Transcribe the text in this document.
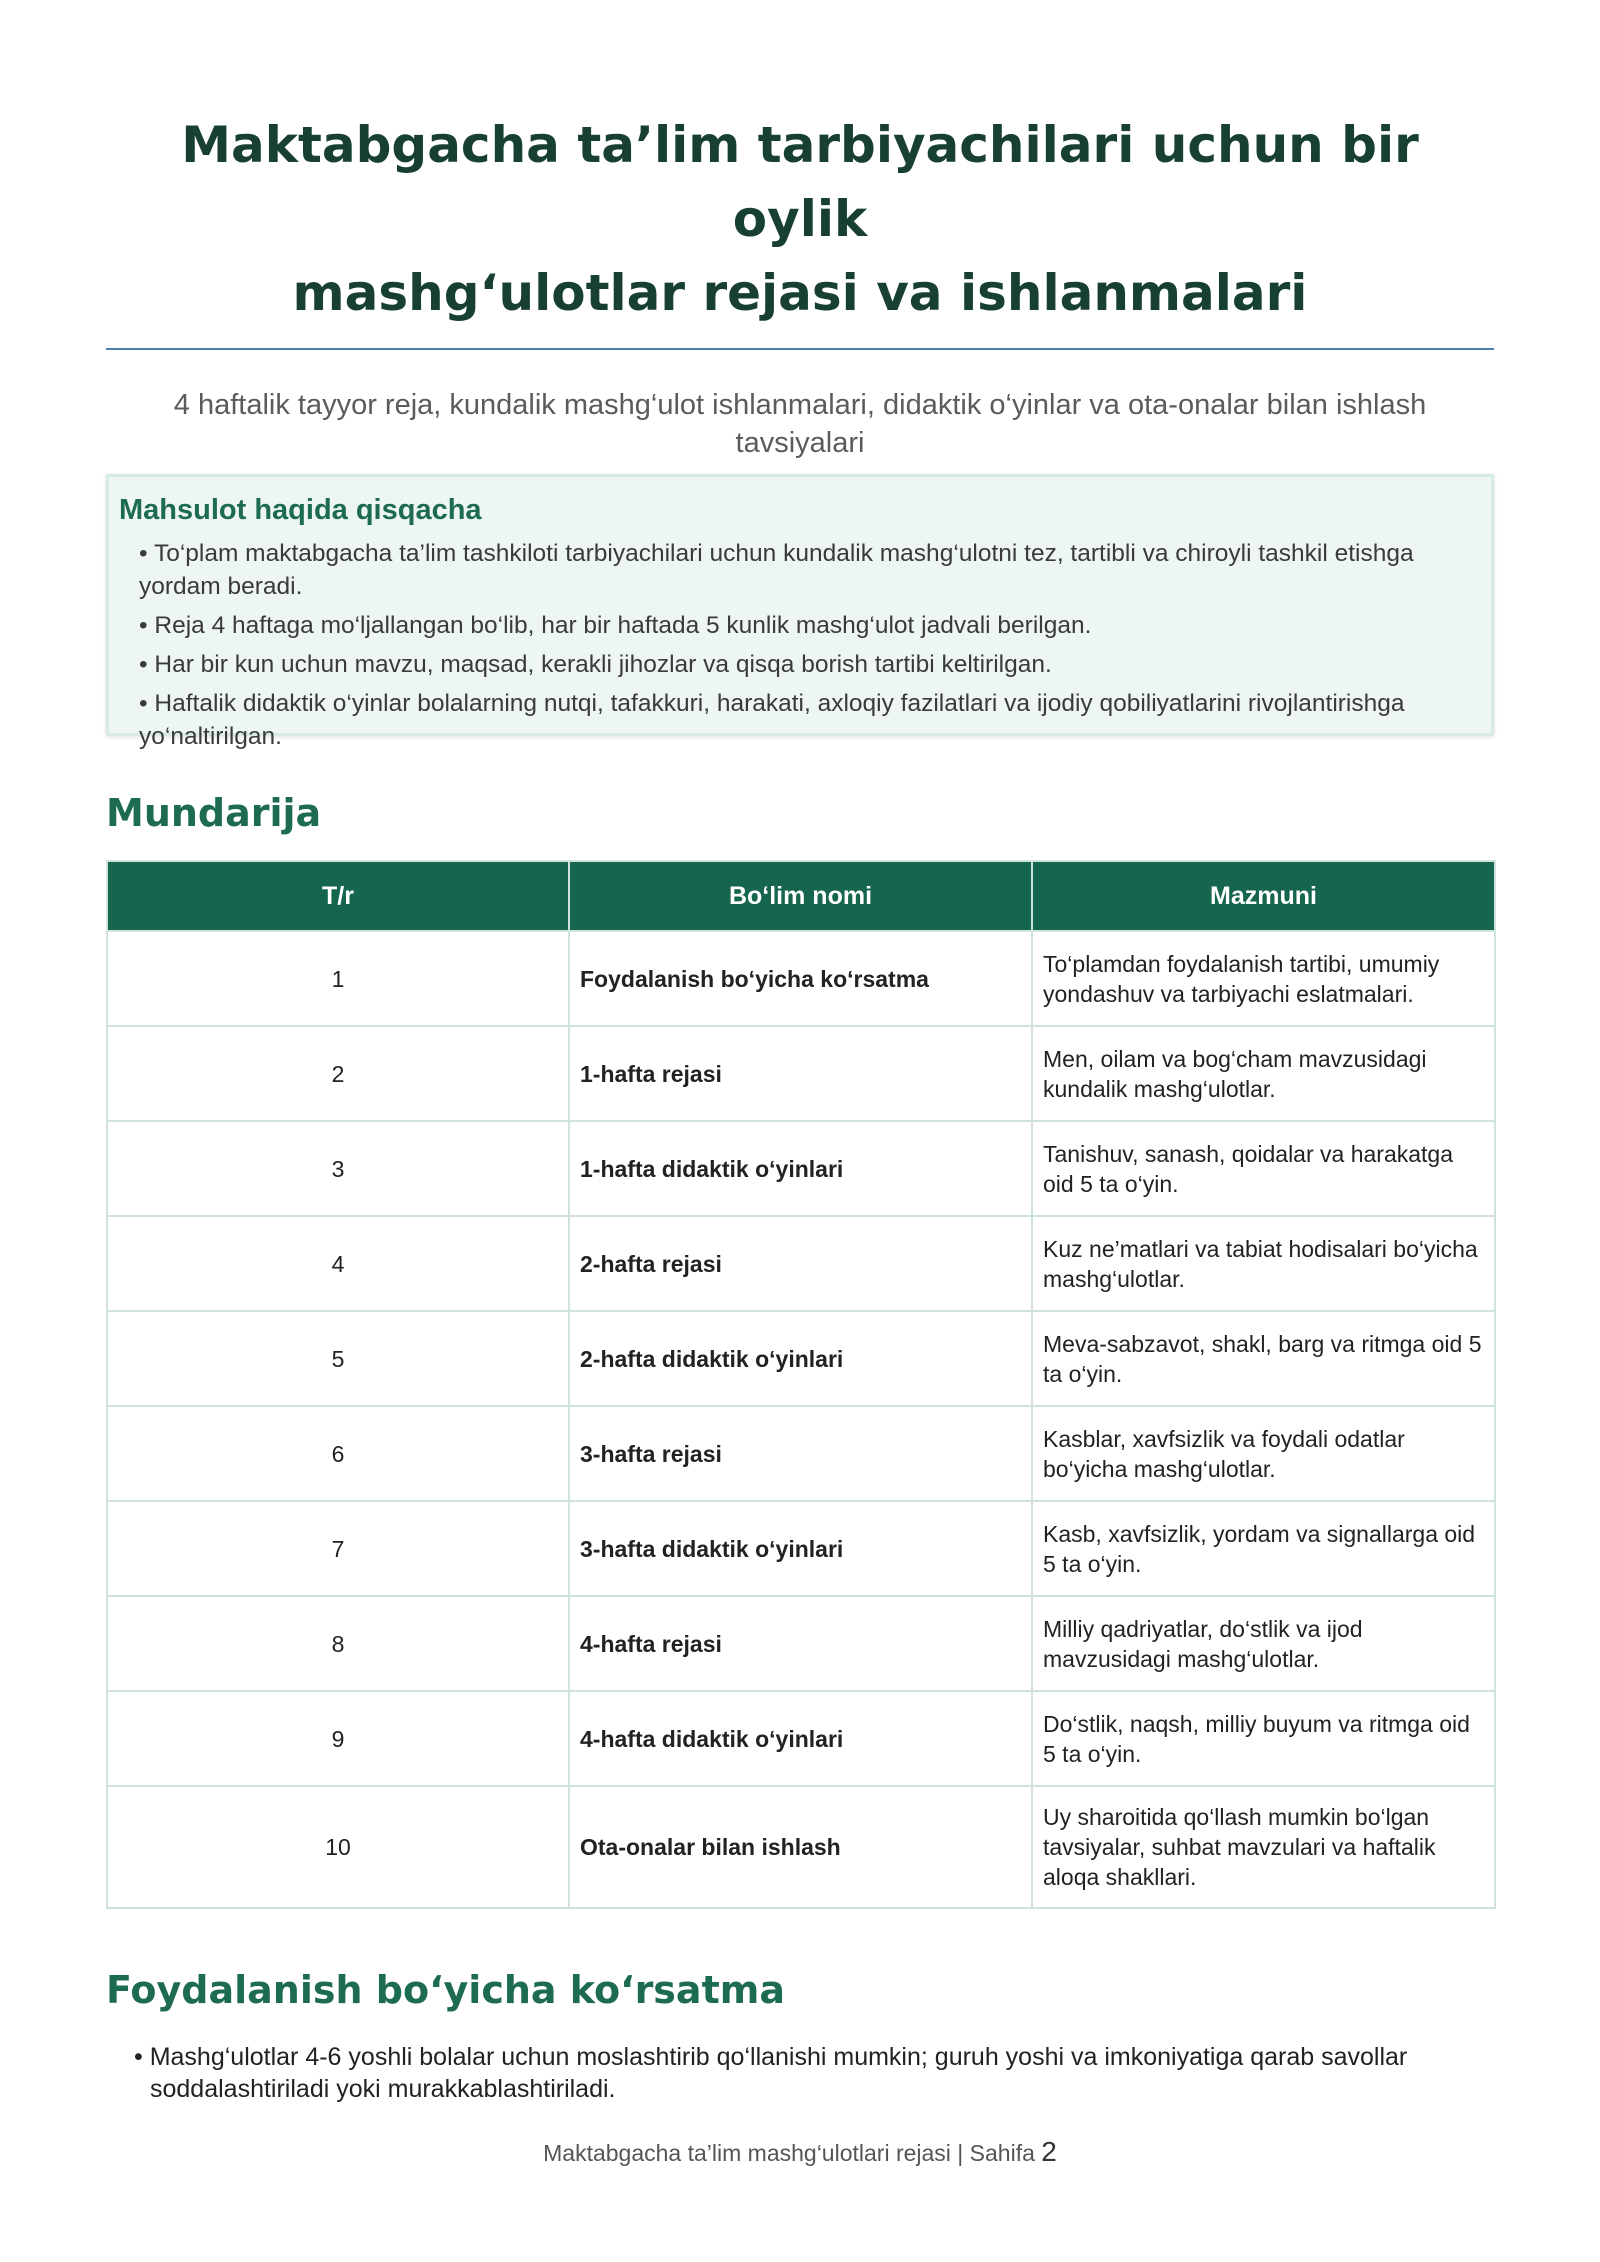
Maktabgacha ta’lim tarbiyachilari uchun bir oylik
mashg‘ulotlar rejasi va ishlanmalari
4 haftalik tayyor reja, kundalik mashg‘ulot ishlanmalari, didaktik o‘yinlar va ota-onalar bilan ishlash tavsiyalari
Mahsulot haqida qisqacha
• To‘plam maktabgacha ta’lim tashkiloti tarbiyachilari uchun kundalik mashg‘ulotni tez, tartibli va chiroyli tashkil etishga yordam beradi.
• Reja 4 haftaga mo‘ljallangan bo‘lib, har bir haftada 5 kunlik mashg‘ulot jadvali berilgan.
• Har bir kun uchun mavzu, maqsad, kerakli jihozlar va qisqa borish tartibi keltirilgan.
• Haftalik didaktik o‘yinlar bolalarning nutqi, tafakkuri, harakati, axloqiy fazilatlari va ijodiy qobiliyatlarini rivojlantirishga yo‘naltirilgan.
Mundarija
T/r	Bo‘lim nomi	Mazmuni
1	Foydalanish bo‘yicha ko‘rsatma	To‘plamdan foydalanish tartibi, umumiy yondashuv va tarbiyachi eslatmalari.
2	1-hafta rejasi	Men, oilam va bog‘cham mavzusidagi kundalik mashg‘ulotlar.
3	1-hafta didaktik o‘yinlari	Tanishuv, sanash, qoidalar va harakatga oid 5 ta o‘yin.
4	2-hafta rejasi	Kuz ne’matlari va tabiat hodisalari bo‘yicha mashg‘ulotlar.
5	2-hafta didaktik o‘yinlari	Meva-sabzavot, shakl, barg va ritmga oid 5 ta o‘yin.
6	3-hafta rejasi	Kasblar, xavfsizlik va foydali odatlar bo‘yicha mashg‘ulotlar.
7	3-hafta didaktik o‘yinlari	Kasb, xavfsizlik, yordam va signallarga oid 5 ta o‘yin.
8	4-hafta rejasi	Milliy qadriyatlar, do‘stlik va ijod mavzusidagi mashg‘ulotlar.
9	4-hafta didaktik o‘yinlari	Do‘stlik, naqsh, milliy buyum va ritmga oid 5 ta o‘yin.
10	Ota-onalar bilan ishlash	Uy sharoitida qo‘llash mumkin bo‘lgan tavsiyalar, suhbat mavzulari va haftalik aloqa shakllari.
Foydalanish bo‘yicha ko‘rsatma
• Mashg‘ulotlar 4-6 yoshli bolalar uchun moslashtirib qo‘llanishi mumkin; guruh yoshi va imkoniyatiga qarab savollar soddalashtiriladi yoki murakkablashtiriladi.
Maktabgacha ta’lim mashg‘ulotlari rejasi | Sahifa 2
